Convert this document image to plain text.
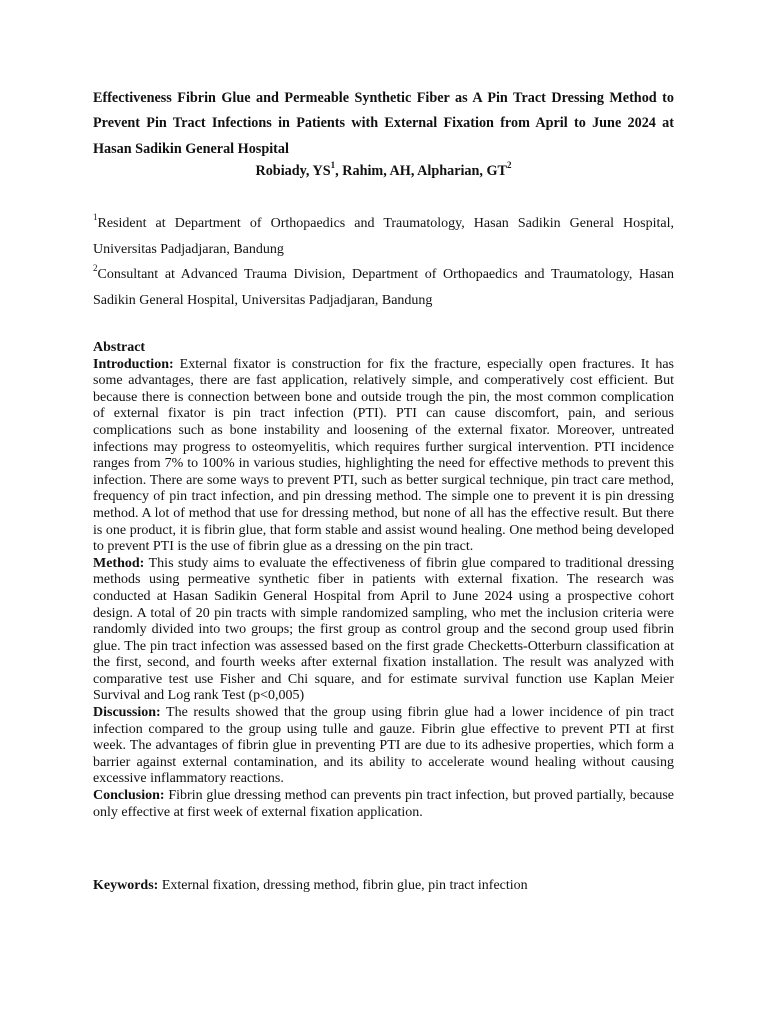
Effectiveness Fibrin Glue and Permeable Synthetic Fiber as A Pin Tract Dressing Method to Prevent Pin Tract Infections in Patients with External Fixation from April to June 2024 at Hasan Sadikin General Hospital

Robiady, $YS^1$, Rahim, AH, Alpharian, $GT^2$

$^1$Resident at Department of Orthopaedics and Traumatology, Hasan Sadikin General Hospital, Universitas Padjadjaran, Bandung

$^2$Consultant at Advanced Trauma Division, Department of Orthopaedics and Traumatology, Hasan Sadikin General Hospital, Universitas Padjadjaran, Bandung

Abstract

Introduction: External fixator is construction for fix the fracture, especially open fractures. It has some advantages, there are fast application, relatively simple, and comperatively cost efficient. But because there is connection between bone and outside trough the pin, the most common complication of external fixator is pin tract infection (PTI). PTI can cause discomfort, pain, and serious complications such as bone instability and loosening of the external fixator. Moreover, untreated infections may progress to osteomyelitis, which requires further surgical intervention. PTI incidence ranges from 7% to 100% in various studies, highlighting the need for effective methods to prevent this infection. There are some ways to prevent PTI, such as better surgical technique, pin tract care method, frequency of pin tract infection, and pin dressing method. The simple one to prevent it is pin dressing method. A lot of method that use for dressing method, but none of all has the effective result. But there is one product, it is fibrin glue, that form stable and assist wound healing. One method being developed to prevent PTI is the use of fibrin glue as a dressing on the pin tract.

Method: This study aims to evaluate the effectiveness of fibrin glue compared to traditional dressing methods using permeative synthetic fiber in patients with external fixation. The research was conducted at Hasan Sadikin General Hospital from April to June 2024 using a prospective cohort design. A total of 20 pin tracts with simple randomized sampling, who met the inclusion criteria were randomly divided into two groups; the first group as control group and the second group used fibrin glue. The pin tract infection was assessed based on the first grade Checketts-Otterburn classification at the first, second, and fourth weeks after external fixation installation. The result was analyzed with comparative test use Fisher and Chi square, and for estimate survival function use Kaplan Meier Survival and Log rank Test (p<0,005)

Discussion: The results showed that the group using fibrin glue had a lower incidence of pin tract infection compared to the group using tulle and gauze. Fibrin glue effective to prevent PTI at first week. The advantages of fibrin glue in preventing PTI are due to its adhesive properties, which form a barrier against external contamination, and its ability to accelerate wound healing without causing excessive inflammatory reactions.

Conclusion: Fibrin glue dressing method can prevents pin tract infection, but proved partially, because only effective at first week of external fixation application.

Keywords: External fixation, dressing method, fibrin glue, pin tract infection
